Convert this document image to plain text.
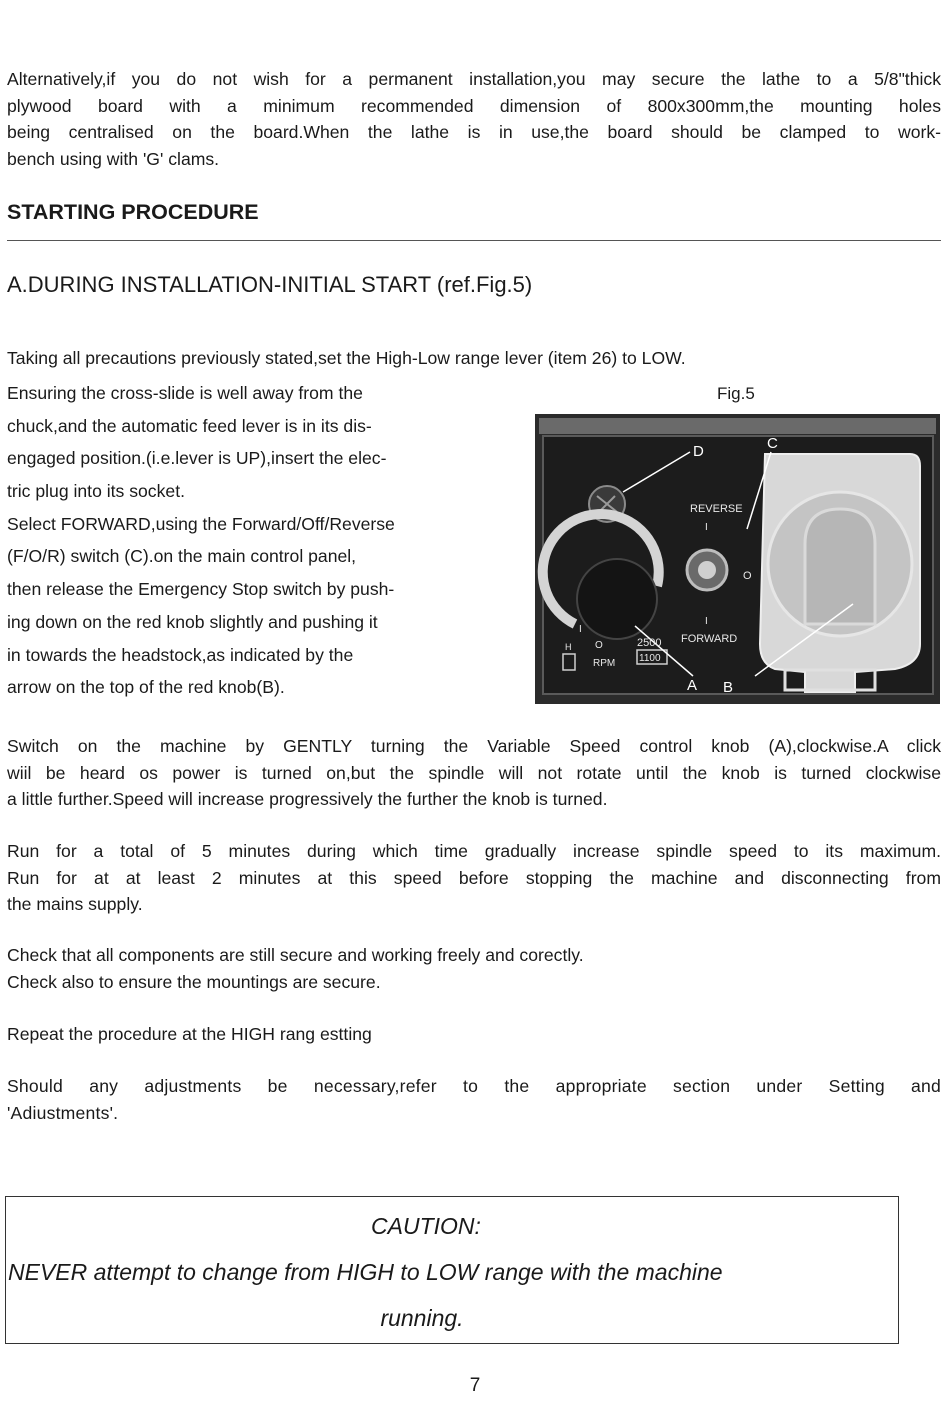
Alternatively,if you do not wish for a permanent installation,you may secure the lathe to a 5/8"thick
plywood board with a minimum recommended dimension of 800x300mm,the mounting holes
being centralised on the board.When the lathe is in use,the board should be clamped to work-
bench using with 'G' clams.
STARTING PROCEDURE
A.DURING INSTALLATION-INITIAL START (ref.Fig.5)
Taking all precautions previously stated,set the High-Low range lever (item 26) to LOW.
Ensuring the cross-slide is well away from the
chuck,and the automatic feed lever is in its dis-
engaged position.(i.e.lever is UP),insert the elec-
tric plug into its socket.
Select FORWARD,using the Forward/Off/Reverse
(F/O/R) switch (C).on the main control panel,
then release the Emergency Stop switch by push-
ing down on the red knob slightly and pushing it
in towards the headstock,as indicated by the
arrow on the top of the red knob(B).
Fig.5
D	C
REVERSE
I
O
I
FORWARD
2500
1100
RPM
I
O
H
A B
Switch on the machine by GENTLY turning the Variable Speed control knob (A),clockwise.A click
wiil be heard os power is turned on,but the spindle will not rotate until the knob is turned clockwise
a little further.Speed will increase progressively the further the knob is turned.
Run for a total of 5 minutes during which time gradually increase spindle speed to its maximum.
Run for at at least 2 minutes at this speed before stopping the machine and disconnecting from
the mains supply.
Check that all components are still secure and working freely and corectly.
Check also to ensure the mountings are secure.
Repeat the procedure at the HIGH rang estting
Should any adjustments be necessary,refer to the appropriate section under Setting and
'Adiustments'.
CAUTION:
NEVER attempt to change from HIGH to LOW range with the machine
running.
7
